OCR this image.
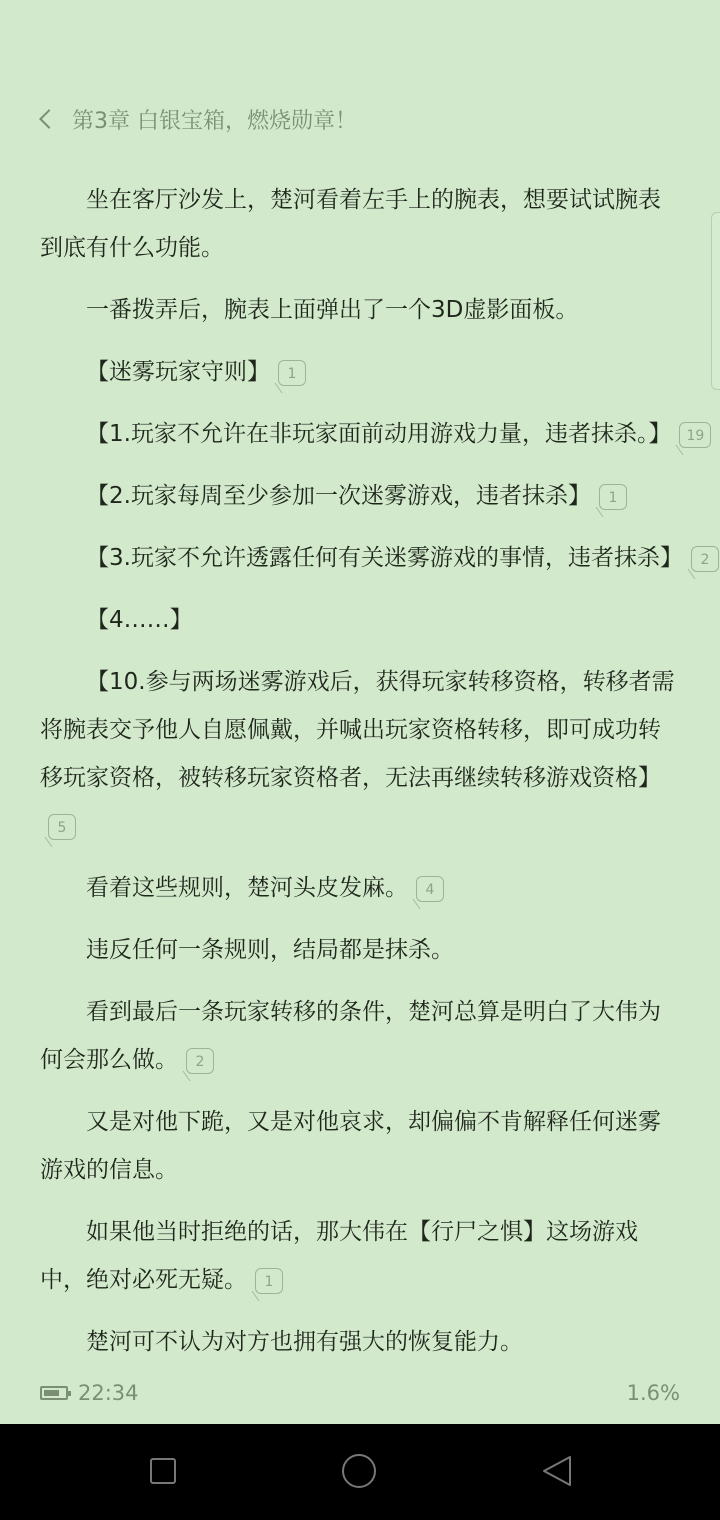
第3章 白银宝箱，燃烧勋章！

坐在客厅沙发上，楚河看着左手上的腕表，想要试试腕表到底有什么功能。

一番拨弄后，腕表上面弹出了一个3D虚影面板。

【迷雾玩家守则】 1

【1.玩家不允许在非玩家面前动用游戏力量，违者抹杀。】 19

【2.玩家每周至少参加一次迷雾游戏，违者抹杀】 1

【3.玩家不允许透露任何有关迷雾游戏的事情，违者抹杀】 2

【4……】

【10.参与两场迷雾游戏后，获得玩家转移资格，转移者需将腕表交予他人自愿佩戴，并喊出玩家资格转移，即可成功转移玩家资格，被转移玩家资格者，无法再继续转移游戏资格】5

看着这些规则，楚河头皮发麻。 4

违反任何一条规则，结局都是抹杀。

看到最后一条玩家转移的条件，楚河总算是明白了大伟为何会那么做。 2

又是对他下跪，又是对他哀求，却偏偏不肯解释任何迷雾游戏的信息。

如果他当时拒绝的话，那大伟在【行尸之惧】这场游戏中，绝对必死无疑。 1

楚河可不认为对方也拥有强大的恢复能力。

22:34	1.6%
